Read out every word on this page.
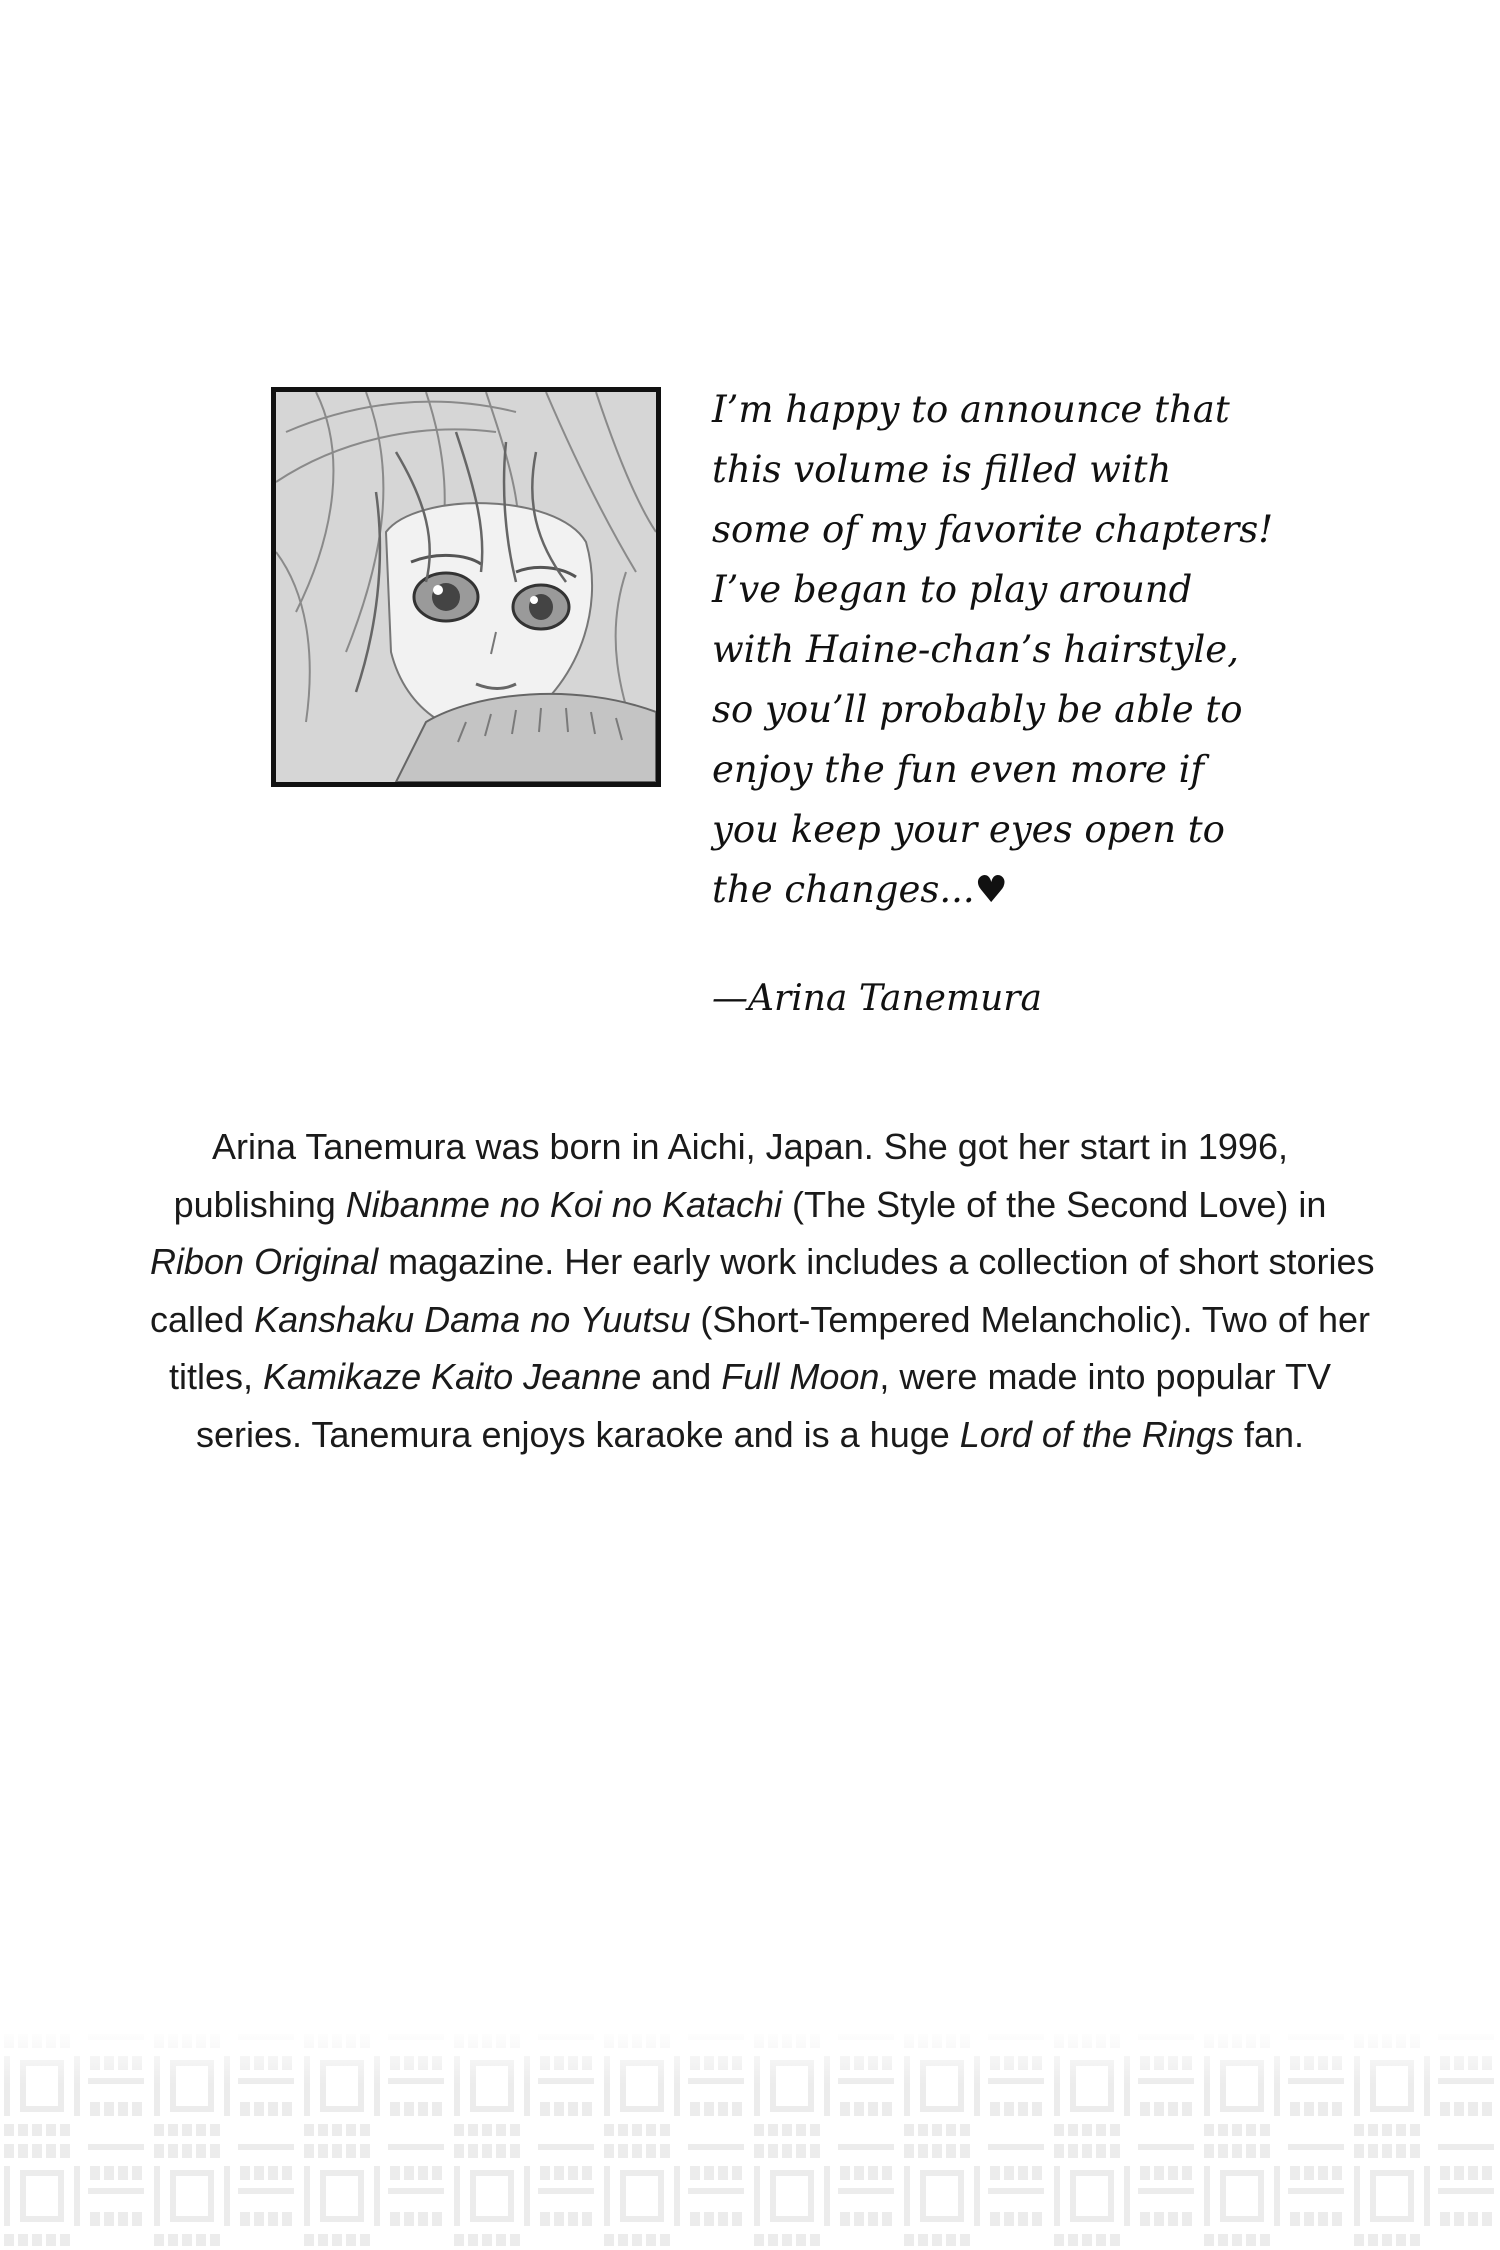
I’m happy to announce that
this volume is filled with
some of my favorite chapters!
I’ve began to play around
with Haine-chan’s hairstyle,
so you’ll probably be able to
enjoy the fun even more if
you keep your eyes open to
the changes...♥
—Arina Tanemura
Arina Tanemura was born in Aichi, Japan. She got her start in 1996,
publishing Nibanme no Koi no Katachi (The Style of the Second Love) in
Ribon Original magazine. Her early work includes a collection of short stories
called Kanshaku Dama no Yuutsu (Short-Tempered Melancholic). Two of her
titles, Kamikaze Kaito Jeanne and Full Moon, were made into popular TV
series. Tanemura enjoys karaoke and is a huge Lord of the Rings fan.
